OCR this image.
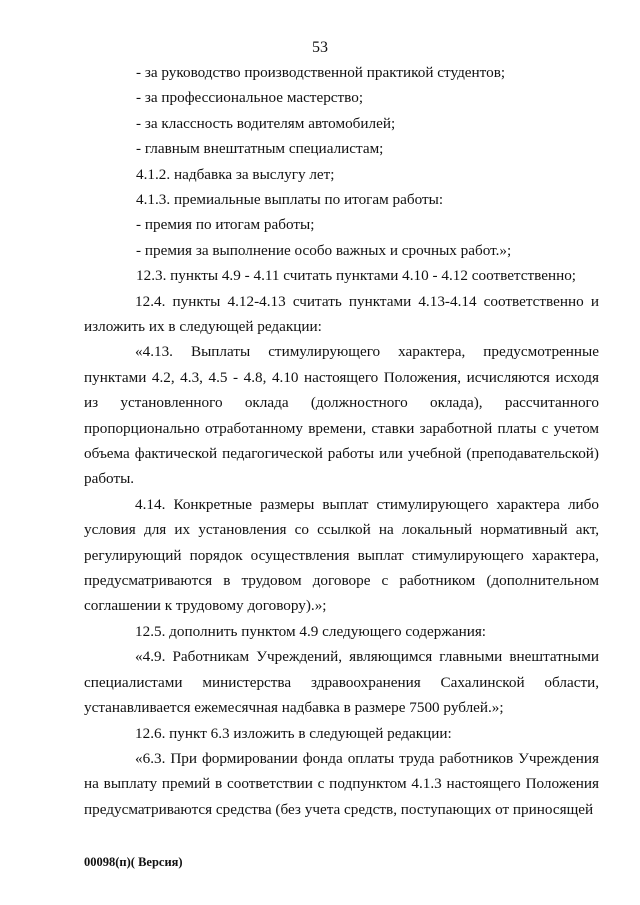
53

- за руководство производственной практикой студентов;

- за профессиональное мастерство;

- за классность водителям автомобилей;

- главным внештатным специалистам;

4.1.2. надбавка за выслугу лет;

4.1.3. премиальные выплаты по итогам работы:

- премия по итогам работы;

- премия за выполнение особо важных и срочных работ.»;

12.3. пункты 4.9 - 4.11 считать пунктами 4.10 - 4.12 соответственно;

12.4. пункты 4.12-4.13 считать пунктами 4.13-4.14 соответственно и изложить их в следующей редакции:

«4.13. Выплаты стимулирующего характера, предусмотренные пунктами 4.2, 4.3, 4.5 - 4.8, 4.10 настоящего Положения, исчисляются исходя из установленного оклада (должностного оклада), рассчитанного пропорционально отработанному времени, ставки заработной платы с учетом объема фактической педагогической работы или учебной (преподавательской) работы.

4.14. Конкретные размеры выплат стимулирующего характера либо условия для их установления со ссылкой на локальный нормативный акт, регулирующий порядок осуществления выплат стимулирующего характера, предусматриваются в трудовом договоре с работником (дополнительном соглашении к трудовому договору).»;

12.5. дополнить пунктом 4.9 следующего содержания:

«4.9. Работникам Учреждений, являющимся главными внештатными специалистами министерства здравоохранения Сахалинской области, устанавливается ежемесячная надбавка в размере 7500 рублей.»;

12.6. пункт 6.3 изложить в следующей редакции:

«6.3. При формировании фонда оплаты труда работников Учреждения на выплату премий в соответствии с подпунктом 4.1.3 настоящего Положения предусматриваются средства (без учета средств, поступающих от приносящей

00098(п)( Версия)
